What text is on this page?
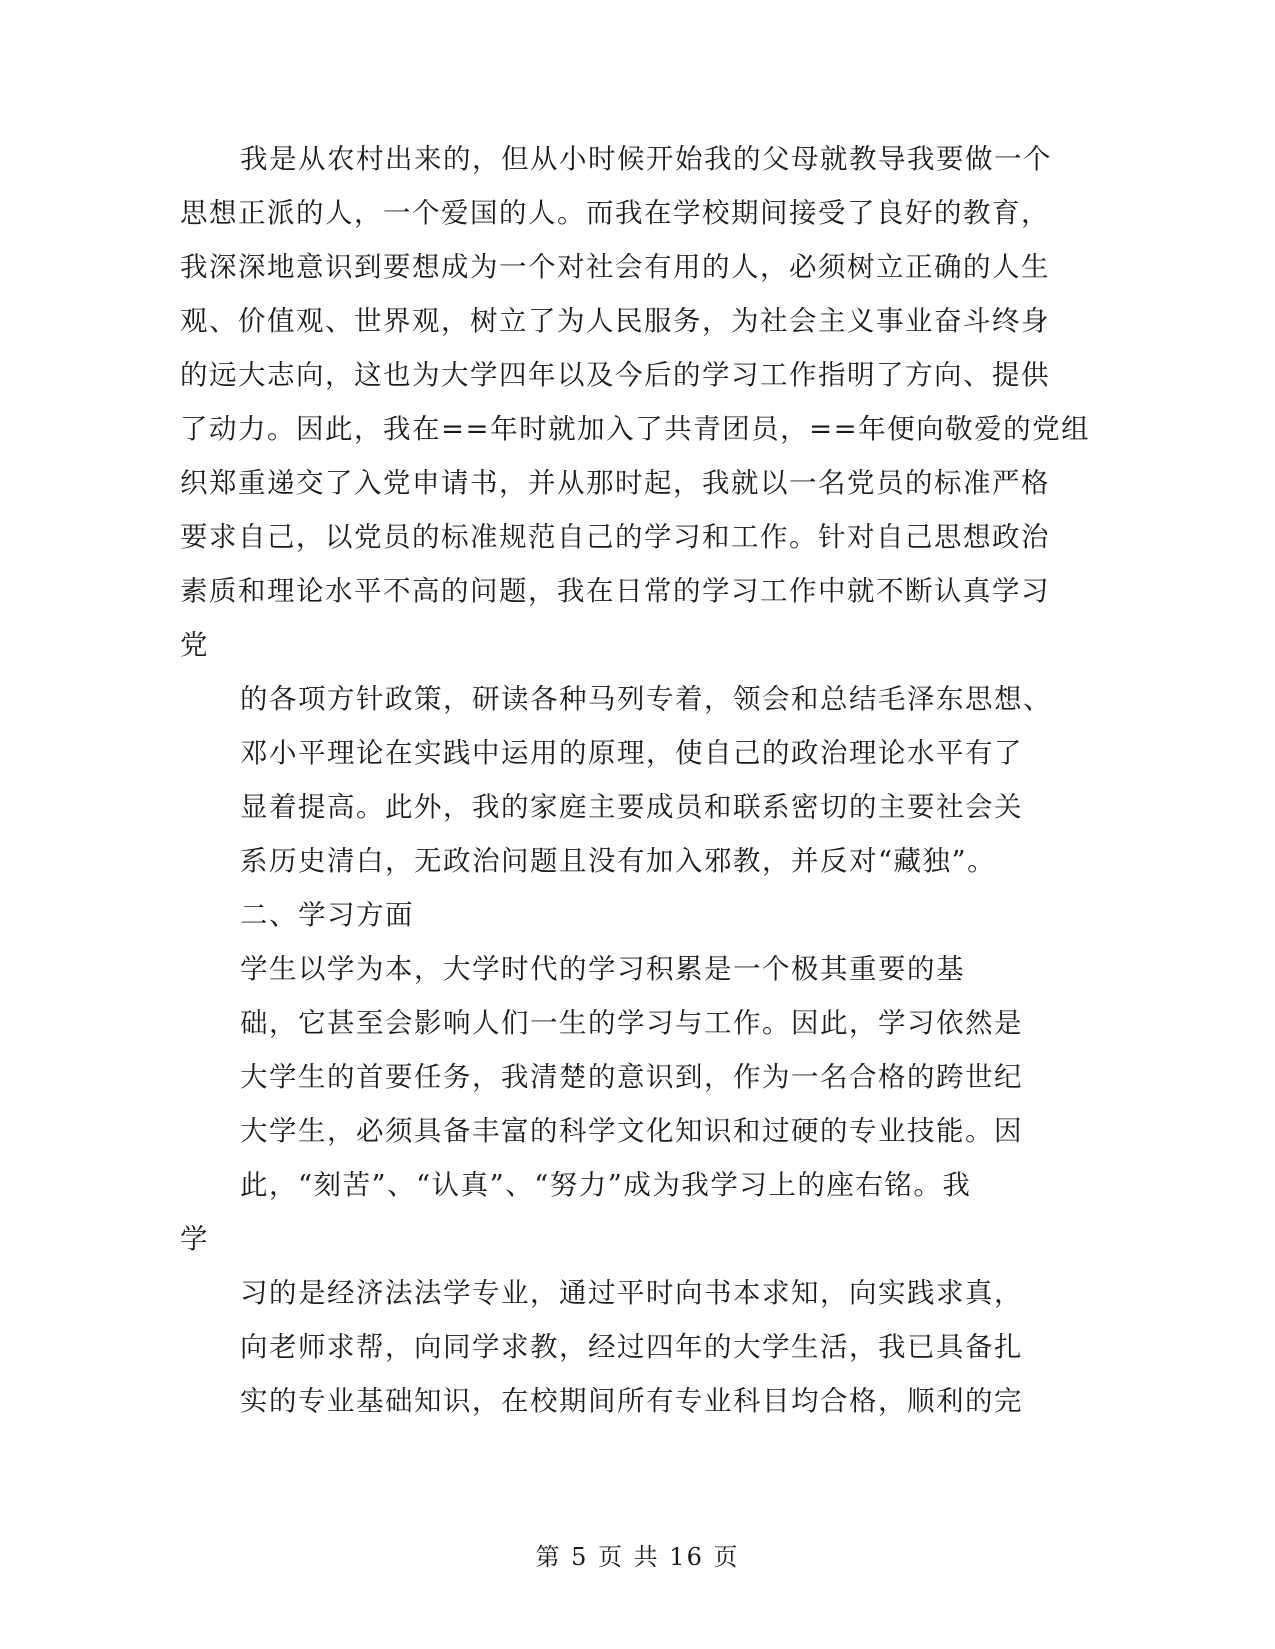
我是从农村出来的，但从小时候开始我的父母就教导我要做一个

思想正派的人，一个爱国的人。而我在学校期间接受了良好的教育，

我深深地意识到要想成为一个对社会有用的人，必须树立正确的人生

观、价值观、世界观，树立了为人民服务，为社会主义事业奋斗终身

的远大志向，这也为大学四年以及今后的学习工作指明了方向、提供

了动力。因此，我在==年时就加入了共青团员，==年便向敬爱的党组

织郑重递交了入党申请书，并从那时起，我就以一名党员的标准严格

要求自己，以党员的标准规范自己的学习和工作。针对自己思想政治

素质和理论水平不高的问题，我在日常的学习工作中就不断认真学习

党

的各项方针政策，研读各种马列专着，领会和总结毛泽东思想、

邓小平理论在实践中运用的原理，使自己的政治理论水平有了

显着提高。此外，我的家庭主要成员和联系密切的主要社会关

系历史清白，无政治问题且没有加入邪教，并反对“藏独”。

二、学习方面

学生以学为本，大学时代的学习积累是一个极其重要的基

础，它甚至会影响人们一生的学习与工作。因此，学习依然是

大学生的首要任务，我清楚的意识到，作为一名合格的跨世纪

大学生，必须具备丰富的科学文化知识和过硬的专业技能。因

此，“刻苦”、“认真”、“努力”成为我学习上的座右铭。我

学

习的是经济法法学专业，通过平时向书本求知，向实践求真，

向老师求帮，向同学求教，经过四年的大学生活，我已具备扎

实的专业基础知识，在校期间所有专业科目均合格，顺利的完

第 5 页 共 16 页
